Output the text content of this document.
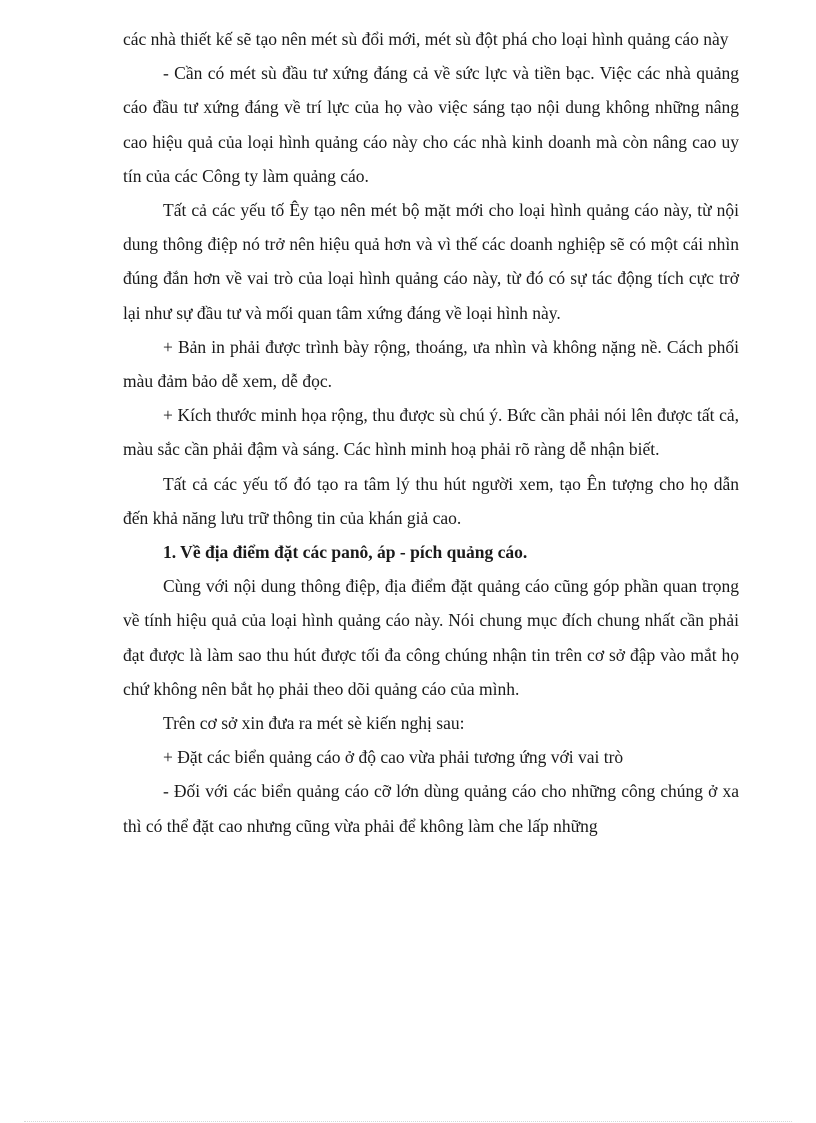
các nhà thiết kế sẽ tạo nên mét sù đổi mới, mét sù đột phá cho loại hình quảng cáo này

- Cần có mét sù đầu tư xứng đáng cả về sức lực và tiền bạc. Việc các nhà quảng cáo đầu tư xứng đáng về trí lực của họ vào việc sáng tạo nội dung không những nâng cao hiệu quả của loại hình quảng cáo này cho các nhà kinh doanh mà còn nâng cao uy tín của các Công ty làm quảng cáo.

Tất cả các yếu tố Êy tạo nên mét bộ mặt mới cho loại hình quảng cáo này, từ nội dung thông điệp nó trở nên hiệu quả hơn và vì thế các doanh nghiệp sẽ có một cái nhìn đúng đắn hơn về vai trò của loại hình quảng cáo này, từ đó có sự tác động tích cực trở lại như sự đầu tư và mối quan tâm xứng đáng về loại hình này.

+ Bản in phải được trình bày rộng, thoáng, ưa nhìn và không nặng nề. Cách phối màu đảm bảo dễ xem, dễ đọc.

+ Kích thước minh họa rộng, thu được sù chú ý. Bức cần phải nói lên được tất cả, màu sắc cần phải đậm và sáng. Các hình minh hoạ phải rõ ràng dễ nhận biết.

Tất cả các yếu tố đó tạo ra tâm lý thu hút người xem, tạo Ên tượng cho họ dẫn đến khả năng lưu trữ thông tin của khán giả cao.

1. Về địa điểm đặt các panô, áp - pích quảng cáo.

Cùng với nội dung thông điệp, địa điểm đặt quảng cáo cũng góp phần quan trọng về tính hiệu quả của loại hình quảng cáo này. Nói chung mục đích chung nhất cần phải đạt được là làm sao thu hút được tối đa công chúng nhận tin trên cơ sở đập vào mắt họ chứ không nên bắt họ phải theo dõi quảng cáo của mình.

Trên cơ sở xin đưa ra mét sè kiến nghị sau:

+ Đặt các biển quảng cáo ở độ cao vừa phải tương ứng với vai trò

- Đối với các biển quảng cáo cỡ lớn dùng quảng cáo cho những công chúng ở xa thì có thể đặt cao nhưng cũng vừa phải để không làm che lấp những
